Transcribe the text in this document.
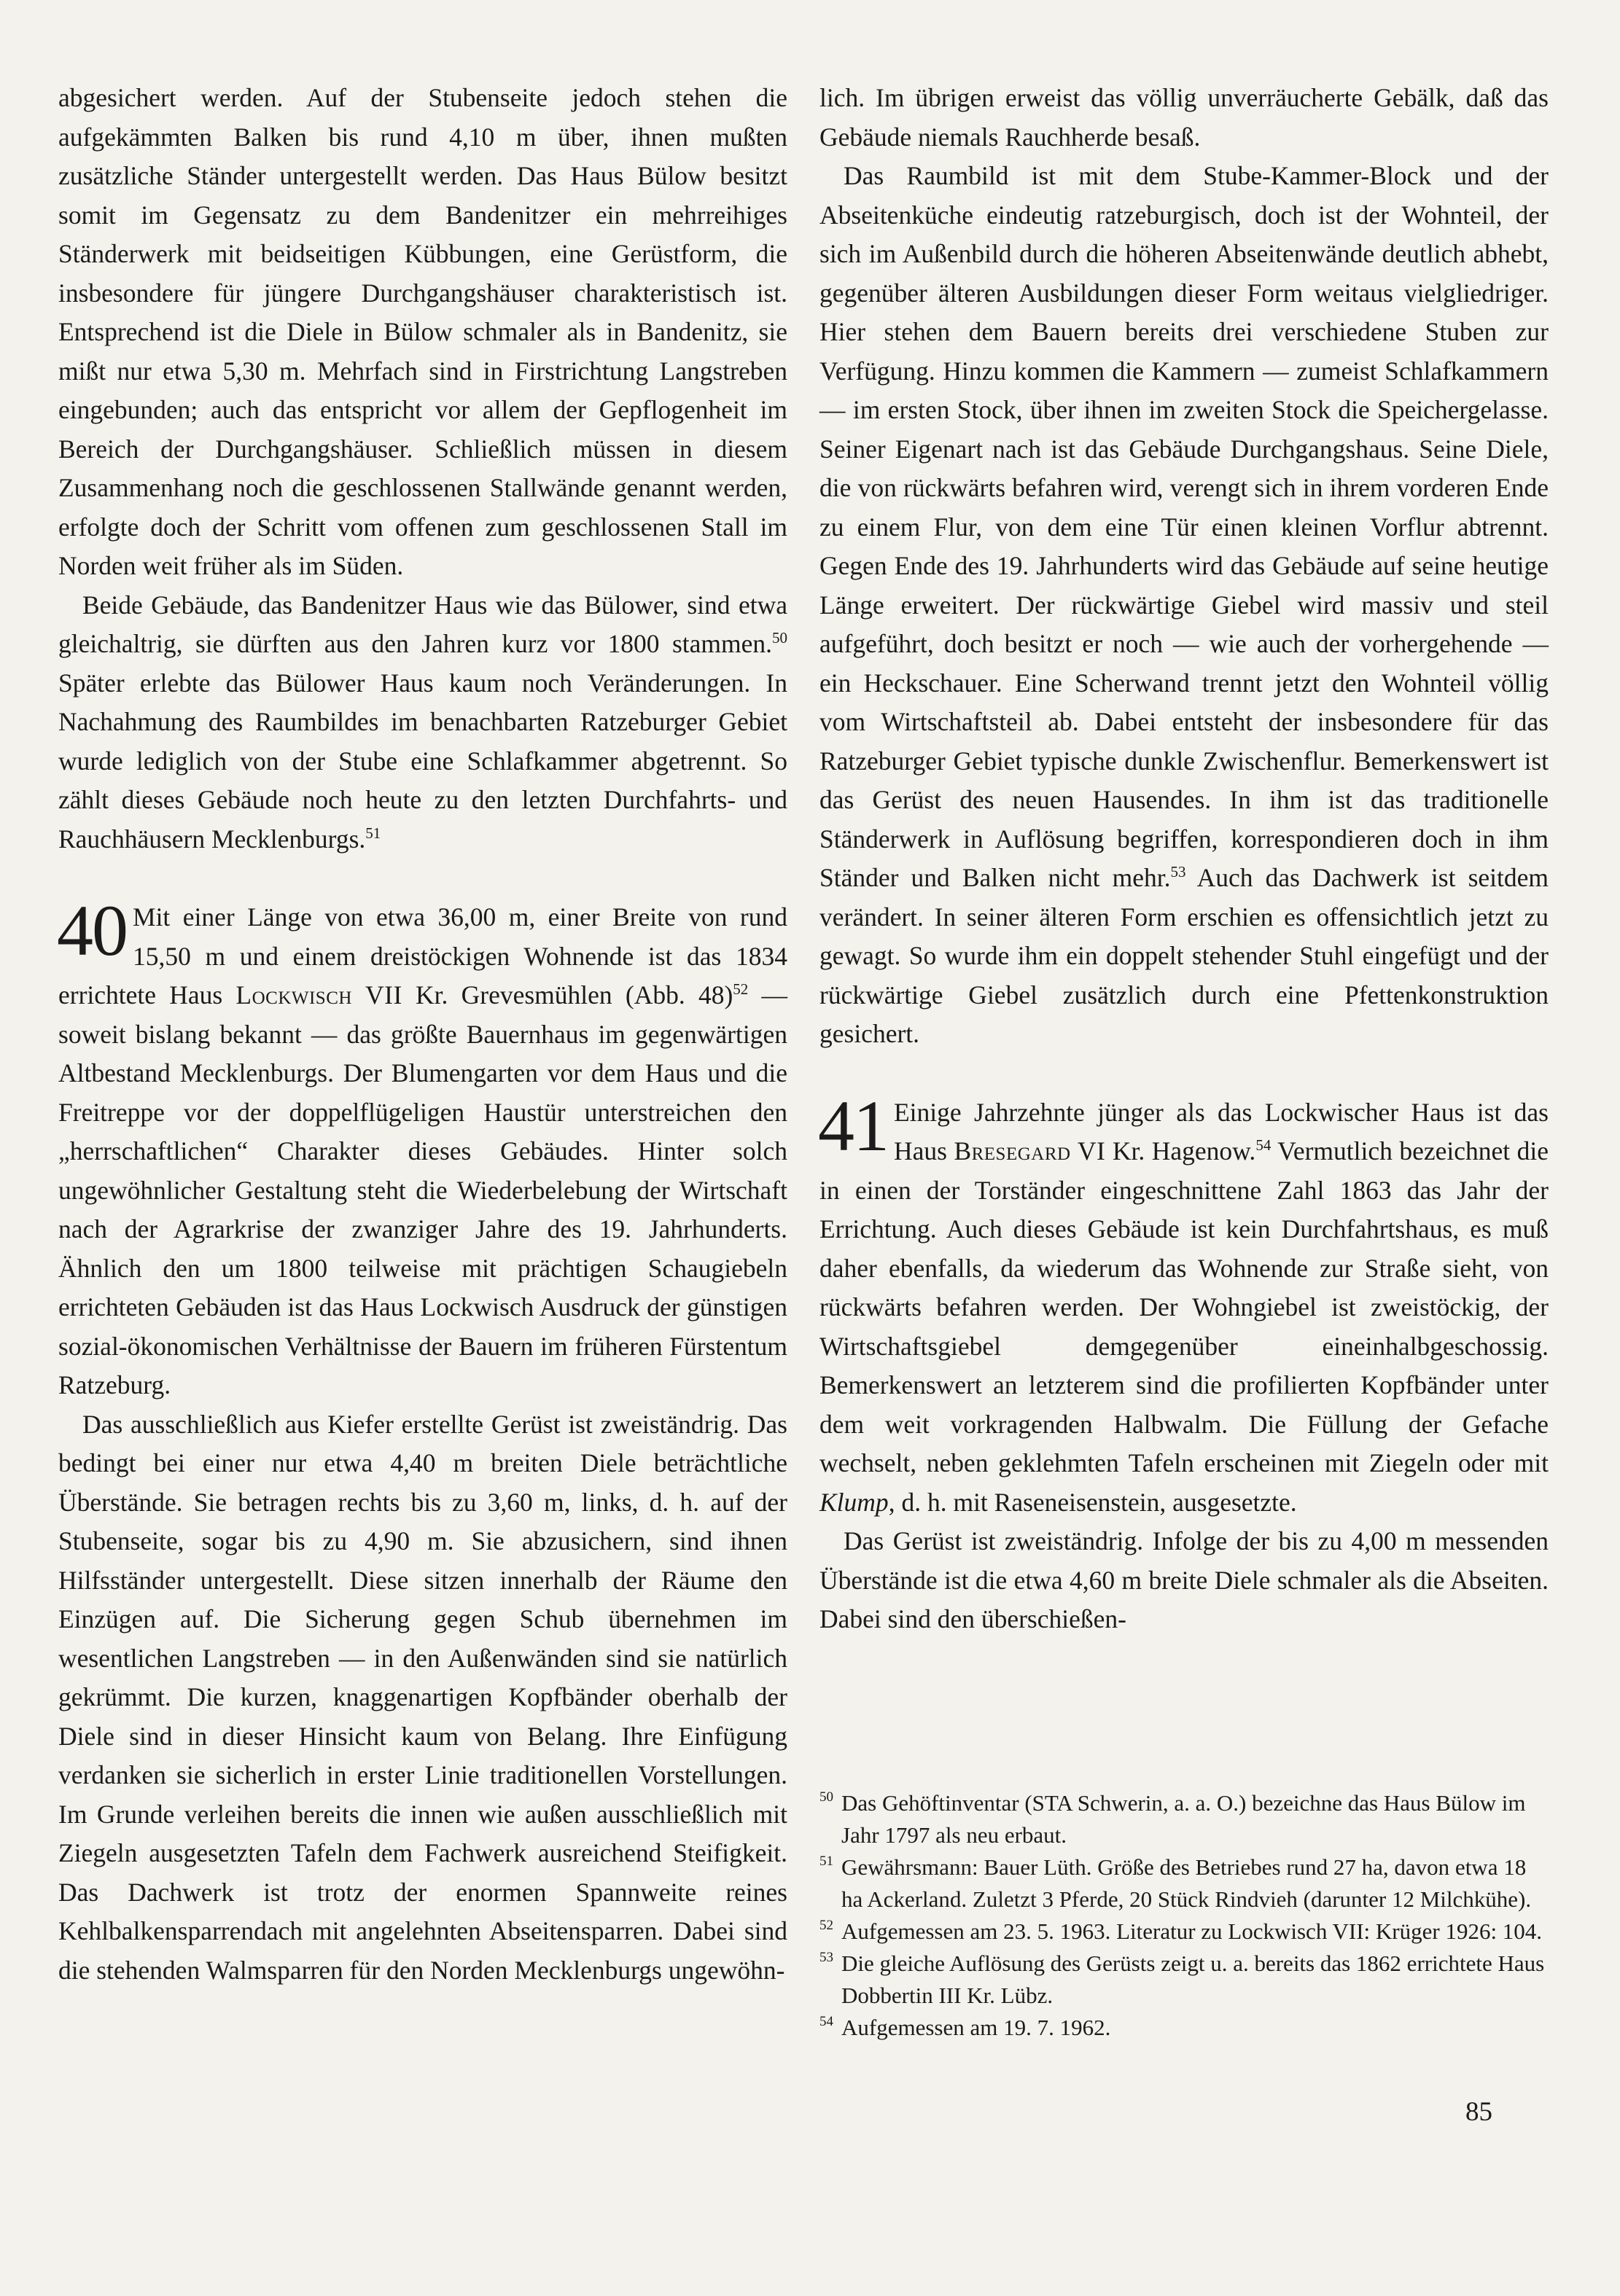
abgesichert werden. Auf der Stubenseite jedoch stehen die aufgekämmten Balken bis rund 4,10 m über, ihnen mußten zusätzliche Ständer untergestellt werden. Das Haus Bülow besitzt somit im Gegensatz zu dem Bandenitzer ein mehrreihiges Ständerwerk mit beidseitigen Kübbungen, eine Gerüstform, die insbesondere für jüngere Durchgangshäuser charakteristisch ist. Entsprechend ist die Diele in Bülow schmaler als in Bandenitz, sie mißt nur etwa 5,30 m. Mehrfach sind in Firstrichtung Langstreben eingebunden; auch das entspricht vor allem der Gepflogenheit im Bereich der Durchgangshäuser. Schließlich müssen in diesem Zusammenhang noch die geschlossenen Stallwände genannt werden, erfolgte doch der Schritt vom offenen zum geschlossenen Stall im Norden weit früher als im Süden.

Beide Gebäude, das Bandenitzer Haus wie das Bülower, sind etwa gleichaltrig, sie dürften aus den Jahren kurz vor 1800 stammen.$^{50}$ Später erlebte das Bülower Haus kaum noch Veränderungen. In Nachahmung des Raumbildes im benachbarten Ratzeburger Gebiet wurde lediglich von der Stube eine Schlafkammer abgetrennt. So zählt dieses Gebäude noch heute zu den letzten Durchfahrts- und Rauchhäusern Mecklenburgs.$^{51}$

40 Mit einer Länge von etwa 36,00 m, einer Breite von rund 15,50 m und einem dreistöckigen Wohnende ist das 1834 errichtete Haus Lockwisch VII Kr. Grevesmühlen (Abb. 48)$^{52}$ — soweit bislang bekannt — das größte Bauernhaus im gegenwärtigen Altbestand Mecklenburgs. Der Blumengarten vor dem Haus und die Freitreppe vor der doppelflügeligen Haustür unterstreichen den „herrschaftlichen“ Charakter dieses Gebäudes. Hinter solch ungewöhnlicher Gestaltung steht die Wiederbelebung der Wirtschaft nach der Agrarkrise der zwanziger Jahre des 19. Jahrhunderts. Ähnlich den um 1800 teilweise mit prächtigen Schaugiebeln errichteten Gebäuden ist das Haus Lockwisch Ausdruck der günstigen sozial-ökonomischen Verhältnisse der Bauern im früheren Fürstentum Ratzeburg.

Das ausschließlich aus Kiefer erstellte Gerüst ist zweiständrig. Das bedingt bei einer nur etwa 4,40 m breiten Diele beträchtliche Überstände. Sie betragen rechts bis zu 3,60 m, links, d. h. auf der Stubenseite, sogar bis zu 4,90 m. Sie abzusichern, sind ihnen Hilfsständer untergestellt. Diese sitzen innerhalb der Räume den Einzügen auf. Die Sicherung gegen Schub übernehmen im wesentlichen Langstreben — in den Außenwänden sind sie natürlich gekrümmt. Die kurzen, knaggenartigen Kopfbänder oberhalb der Diele sind in dieser Hinsicht kaum von Belang. Ihre Einfügung verdanken sie sicherlich in erster Linie traditionellen Vorstellungen. Im Grunde verleihen bereits die innen wie außen ausschließlich mit Ziegeln ausgesetzten Tafeln dem Fachwerk ausreichend Steifigkeit. Das Dachwerk ist trotz der enormen Spannweite reines Kehlbalkensparrendach mit angelehnten Abseitensparren. Dabei sind die stehenden Walmsparren für den Norden Mecklenburgs ungewöhn-

lich. Im übrigen erweist das völlig unverräucherte Gebälk, daß das Gebäude niemals Rauchherde besaß.

Das Raumbild ist mit dem Stube-Kammer-Block und der Abseitenküche eindeutig ratzeburgisch, doch ist der Wohnteil, der sich im Außenbild durch die höheren Abseitenwände deutlich abhebt, gegenüber älteren Ausbildungen dieser Form weitaus vielgliedriger. Hier stehen dem Bauern bereits drei verschiedene Stuben zur Verfügung. Hinzu kommen die Kammern — zumeist Schlafkammern — im ersten Stock, über ihnen im zweiten Stock die Speichergelasse. Seiner Eigenart nach ist das Gebäude Durchgangshaus. Seine Diele, die von rückwärts befahren wird, verengt sich in ihrem vorderen Ende zu einem Flur, von dem eine Tür einen kleinen Vorflur abtrennt. Gegen Ende des 19. Jahrhunderts wird das Gebäude auf seine heutige Länge erweitert. Der rückwärtige Giebel wird massiv und steil aufgeführt, doch besitzt er noch — wie auch der vorhergehende — ein Heckschauer. Eine Scherwand trennt jetzt den Wohnteil völlig vom Wirtschaftsteil ab. Dabei entsteht der insbesondere für das Ratzeburger Gebiet typische dunkle Zwischenflur. Bemerkenswert ist das Gerüst des neuen Hausendes. In ihm ist das traditionelle Ständerwerk in Auflösung begriffen, korrespondieren doch in ihm Ständer und Balken nicht mehr.$^{53}$ Auch das Dachwerk ist seitdem verändert. In seiner älteren Form erschien es offensichtlich jetzt zu gewagt. So wurde ihm ein doppelt stehender Stuhl eingefügt und der rückwärtige Giebel zusätzlich durch eine Pfettenkonstruktion gesichert.

41 Einige Jahrzehnte jünger als das Lockwischer Haus ist das Haus Bresegard VI Kr. Hagenow.$^{54}$ Vermutlich bezeichnet die in einen der Torständer eingeschnittene Zahl 1863 das Jahr der Errichtung. Auch dieses Gebäude ist kein Durchfahrtshaus, es muß daher ebenfalls, da wiederum das Wohnende zur Straße sieht, von rückwärts befahren werden. Der Wohngiebel ist zweistöckig, der Wirtschaftsgiebel demgegenüber eineinhalbgeschossig. Bemerkenswert an letzterem sind die profilierten Kopfbänder unter dem weit vorkragenden Halbwalm. Die Füllung der Gefache wechselt, neben geklehmten Tafeln erscheinen mit Ziegeln oder mit Klump, d. h. mit Raseneisenstein, ausgesetzte.

Das Gerüst ist zweiständrig. Infolge der bis zu 4,00 m messenden Überstände ist die etwa 4,60 m breite Diele schmaler als die Abseiten. Dabei sind den überschießen-

50 Das Gehöftinventar (STA Schwerin, a. a. O.) bezeichne das Haus Bülow im Jahr 1797 als neu erbaut.
51 Gewährsmann: Bauer Lüth. Größe des Betriebes rund 27 ha, davon etwa 18 ha Ackerland. Zuletzt 3 Pferde, 20 Stück Rindvieh (darunter 12 Milchkühe).
52 Aufgemessen am 23. 5. 1963. Literatur zu Lockwisch VII: Krüger 1926: 104.
53 Die gleiche Auflösung des Gerüsts zeigt u. a. bereits das 1862 errichtete Haus Dobbertin III Kr. Lübz.
54 Aufgemessen am 19. 7. 1962.
85
